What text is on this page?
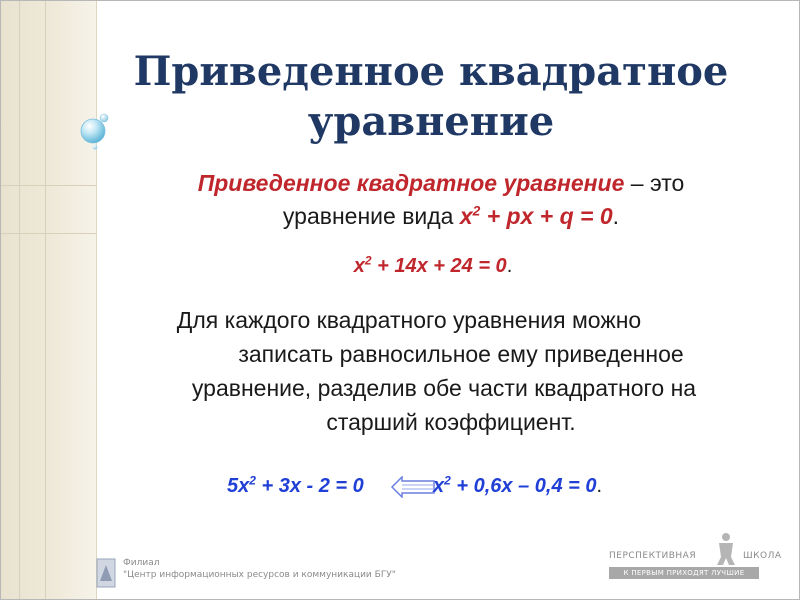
Приведенное квадратное уравнение
Приведенное квадратное уравнение – это
уравнение вида $x^2$ + px + q = 0.
$x^2 + 14x + 24 = 0$.
Для каждого квадратного уравнения можно
записать равносильное ему приведенное
уравнение, разделив обе части квадратного на
старший коэффициент.
$5x^2 + 3x - 2 = 0$	$x^2 + 0,6x - 0,4 = 0$.
Филиал
"Центр информационных ресурсов и коммуникации БГУ"
ПЕРСПЕКТИВНАЯ	ШКОЛА
К ПЕРВЫМ ПРИХОДЯТ ЛУЧШИЕ
